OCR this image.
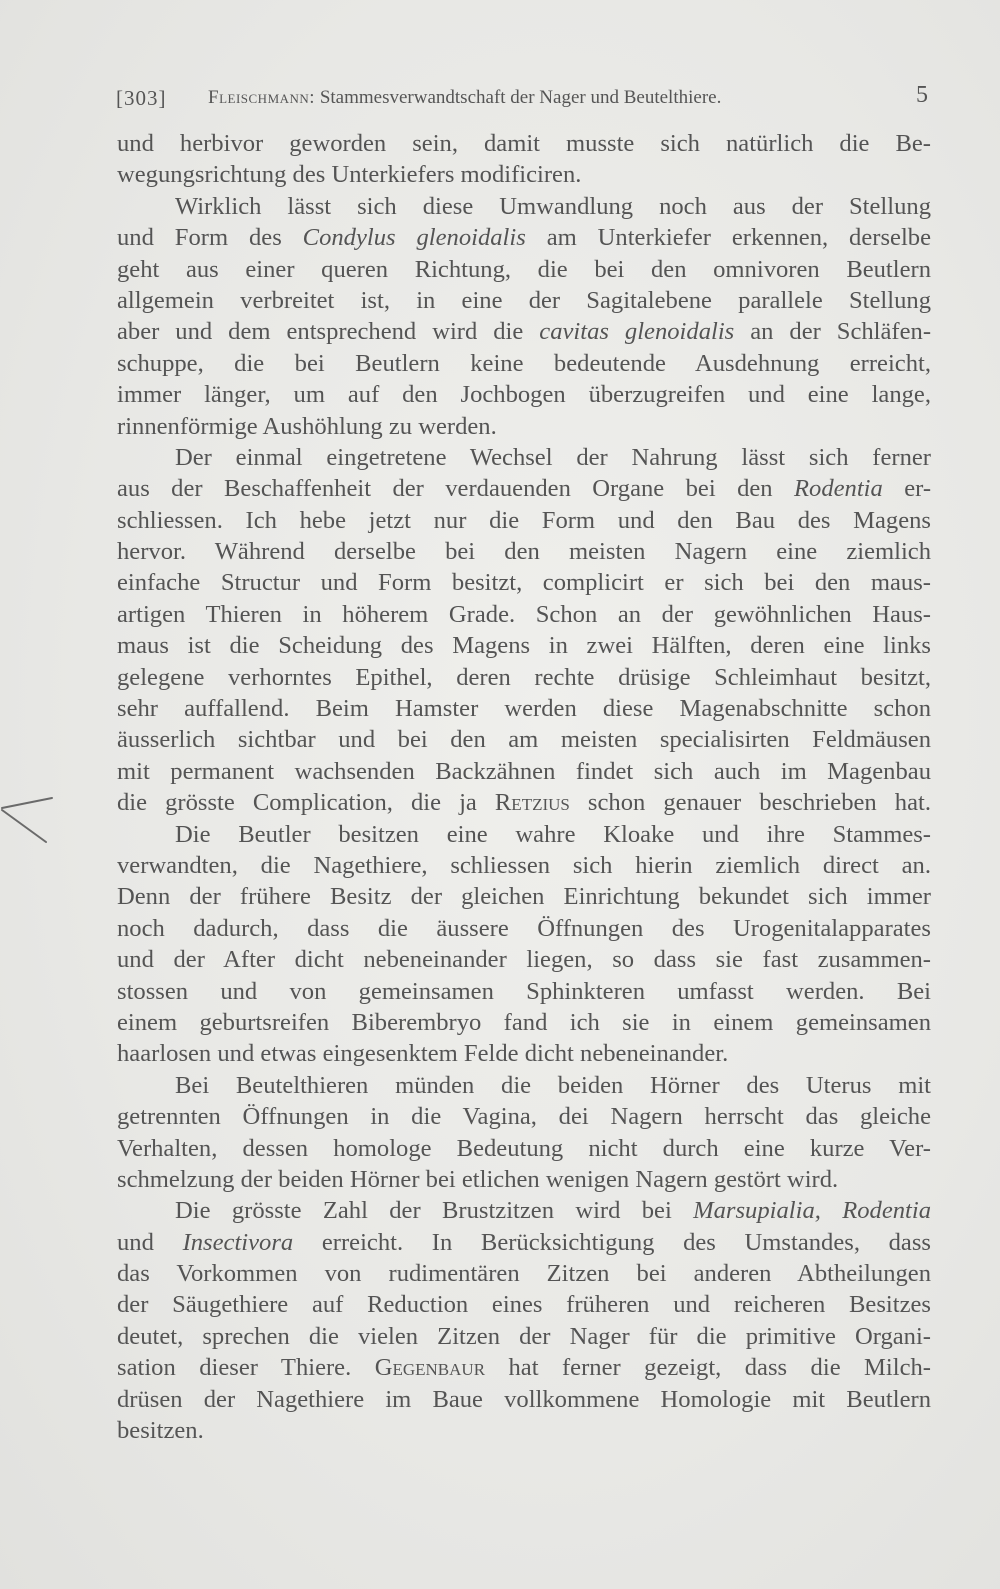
[303] Fleischmann: Stammesverwandtschaft der Nager und Beutelthiere.	5
und herbivor geworden sein, damit musste sich natürlich die Be-
wegungsrichtung des Unterkiefers modificiren.
Wirklich lässt sich diese Umwandlung noch aus der Stellung
und Form des Condylus glenoidalis am Unterkiefer erkennen, derselbe
geht aus einer queren Richtung, die bei den omnivoren Beutlern
allgemein verbreitet ist, in eine der Sagitalebene parallele Stellung
aber und dem entsprechend wird die cavitas glenoidalis an der Schläfen-
schuppe, die bei Beutlern keine bedeutende Ausdehnung erreicht,
immer länger, um auf den Jochbogen überzugreifen und eine lange,
rinnenförmige Aushöhlung zu werden.
Der einmal eingetretene Wechsel der Nahrung lässt sich ferner
aus der Beschaffenheit der verdauenden Organe bei den Rodentia er-
schliessen. Ich hebe jetzt nur die Form und den Bau des Magens
hervor. Während derselbe bei den meisten Nagern eine ziemlich
einfache Structur und Form besitzt, complicirt er sich bei den maus-
artigen Thieren in höherem Grade. Schon an der gewöhnlichen Haus-
maus ist die Scheidung des Magens in zwei Hälften, deren eine links
gelegene verhorntes Epithel, deren rechte drüsige Schleimhaut besitzt,
sehr auffallend. Beim Hamster werden diese Magenabschnitte schon
äusserlich sichtbar und bei den am meisten specialisirten Feldmäusen
mit permanent wachsenden Backzähnen findet sich auch im Magenbau
die grösste Complication, die ja Retzius schon genauer beschrieben hat.
Die Beutler besitzen eine wahre Kloake und ihre Stammes-
verwandten, die Nagethiere, schliessen sich hierin ziemlich direct an.
Denn der frühere Besitz der gleichen Einrichtung bekundet sich immer
noch dadurch, dass die äussere Öffnungen des Urogenitalapparates
und der After dicht nebeneinander liegen, so dass sie fast zusammen-
stossen und von gemeinsamen Sphinkteren umfasst werden. Bei
einem geburtsreifen Biberembryo fand ich sie in einem gemeinsamen
haarlosen und etwas eingesenktem Felde dicht nebeneinander.
Bei Beutelthieren münden die beiden Hörner des Uterus mit
getrennten Öffnungen in die Vagina, dei Nagern herrscht das gleiche
Verhalten, dessen homologe Bedeutung nicht durch eine kurze Ver-
schmelzung der beiden Hörner bei etlichen wenigen Nagern gestört wird.
Die grösste Zahl der Brustzitzen wird bei Marsupialia, Rodentia
und Insectivora erreicht. In Berücksichtigung des Umstandes, dass
das Vorkommen von rudimentären Zitzen bei anderen Abtheilungen
der Säugethiere auf Reduction eines früheren und reicheren Besitzes
deutet, sprechen die vielen Zitzen der Nager für die primitive Organi-
sation dieser Thiere. Gegenbaur hat ferner gezeigt, dass die Milch-
drüsen der Nagethiere im Baue vollkommene Homologie mit Beutlern
besitzen.
